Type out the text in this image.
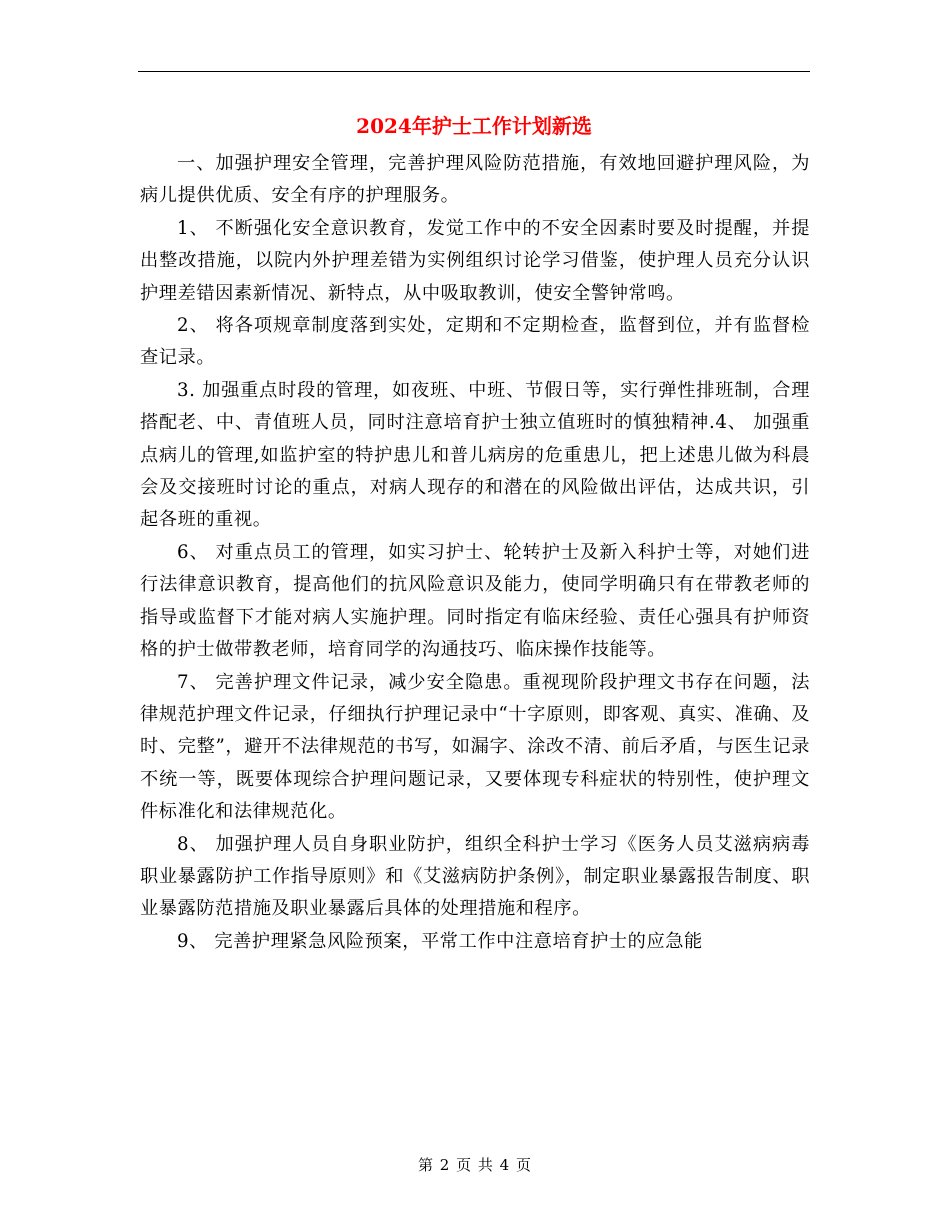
2024年护士工作计划新选

一、加强护理安全管理，完善护理风险防范措施，有效地回避护理风险，为病儿提供优质、安全有序的护理服务。

1、 不断强化安全意识教育，发觉工作中的不安全因素时要及时提醒，并提出整改措施，以院内外护理差错为实例组织讨论学习借鉴，使护理人员充分认识护理差错因素新情况、新特点，从中吸取教训，使安全警钟常鸣。

2、 将各项规章制度落到实处，定期和不定期检查，监督到位，并有监督检查记录。

3. 加强重点时段的管理，如夜班、中班、节假日等，实行弹性排班制，合理搭配老、中、青值班人员，同时注意培育护士独立值班时的慎独精神.4、 加强重点病儿的管理,如监护室的特护患儿和普儿病房的危重患儿，把上述患儿做为科晨会及交接班时讨论的重点，对病人现存的和潜在的风险做出评估，达成共识，引起各班的重视。

6、 对重点员工的管理，如实习护士、轮转护士及新入科护士等，对她们进行法律意识教育，提高他们的抗风险意识及能力，使同学明确只有在带教老师的指导或监督下才能对病人实施护理。同时指定有临床经验、责任心强具有护师资格的护士做带教老师，培育同学的沟通技巧、临床操作技能等。

7、 完善护理文件记录，减少安全隐患。重视现阶段护理文书存在问题，法律规范护理文件记录，仔细执行护理记录中“十字原则，即客观、真实、准确、及时、完整”，避开不法律规范的书写，如漏字、涂改不清、前后矛盾，与医生记录不统一等，既要体现综合护理问题记录，又要体现专科症状的特别性，使护理文件标准化和法律规范化。

8、 加强护理人员自身职业防护，组织全科护士学习《医务人员艾滋病病毒职业暴露防护工作指导原则》和《艾滋病防护条例》，制定职业暴露报告制度、职业暴露防范措施及职业暴露后具体的处理措施和程序。

9、 完善护理紧急风险预案，平常工作中注意培育护士的应急能

第 2 页 共 4 页
